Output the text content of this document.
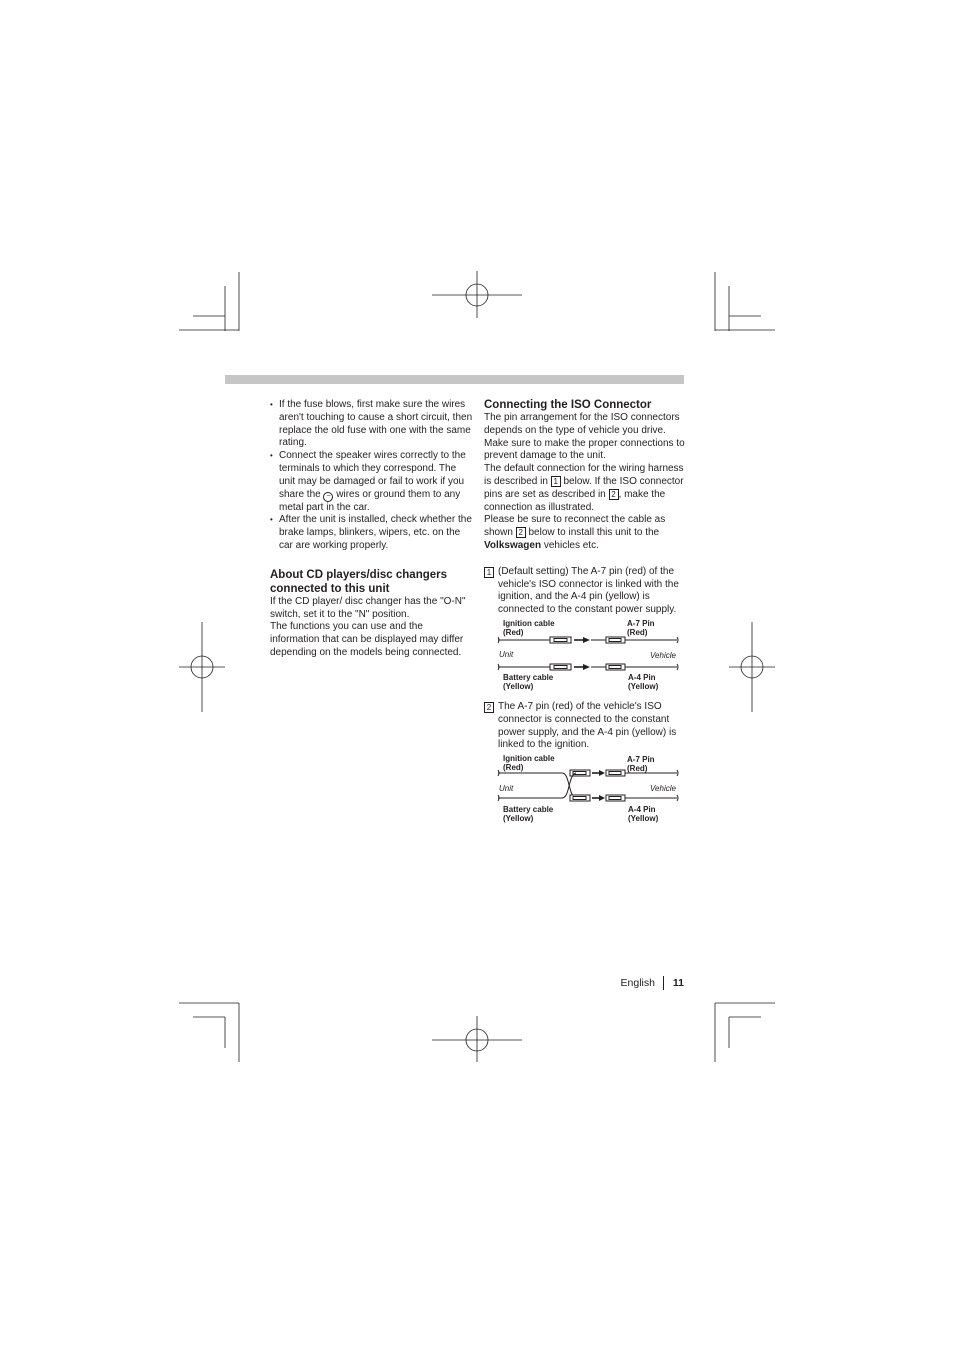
• If the fuse blows, first make sure the wires aren't touching to cause a short circuit, then replace the old fuse with one with the same rating.
• Connect the speaker wires correctly to the terminals to which they correspond. The unit may be damaged or fail to work if you share the − wires or ground them to any metal part in the car.
• After the unit is installed, check whether the brake lamps, blinkers, wipers, etc. on the car are working properly.
About CD players/disc changers connected to this unit

If the CD player/ disc changer has the "O-N" switch, set it to the "N" position.

The functions you can use and the information that can be displayed may differ depending on the models being connected.

Connecting the ISO Connector

The pin arrangement for the ISO connectors depends on the type of vehicle you drive. Make sure to make the proper connections to prevent damage to the unit.

The default connection for the wiring harness is described in 1 below. If the ISO connector pins are set as described in 2 , make the connection as illustrated.

Please be sure to reconnect the cable as shown 2 below to install this unit to the Volkswagen vehicles etc.

1 (Default setting) The A-7 pin (red) of the vehicle's ISO connector is linked with the ignition, and the A-4 pin (yellow) is connected to the constant power supply.
Ignition cable
(Red)
A-7 Pin
(Red)
Unit	Vehicle
Battery cable
(Yellow)
A-4 Pin
(Yellow)
2 The A-7 pin (red) of the vehicle's ISO connector is connected to the constant power supply, and the A-4 pin (yellow) is linked to the ignition.
Ignition cable
(Red)
A-7 Pin
(Red)
Unit	Vehicle
Battery cable
(Yellow)
A-4 Pin
(Yellow)
English 11
